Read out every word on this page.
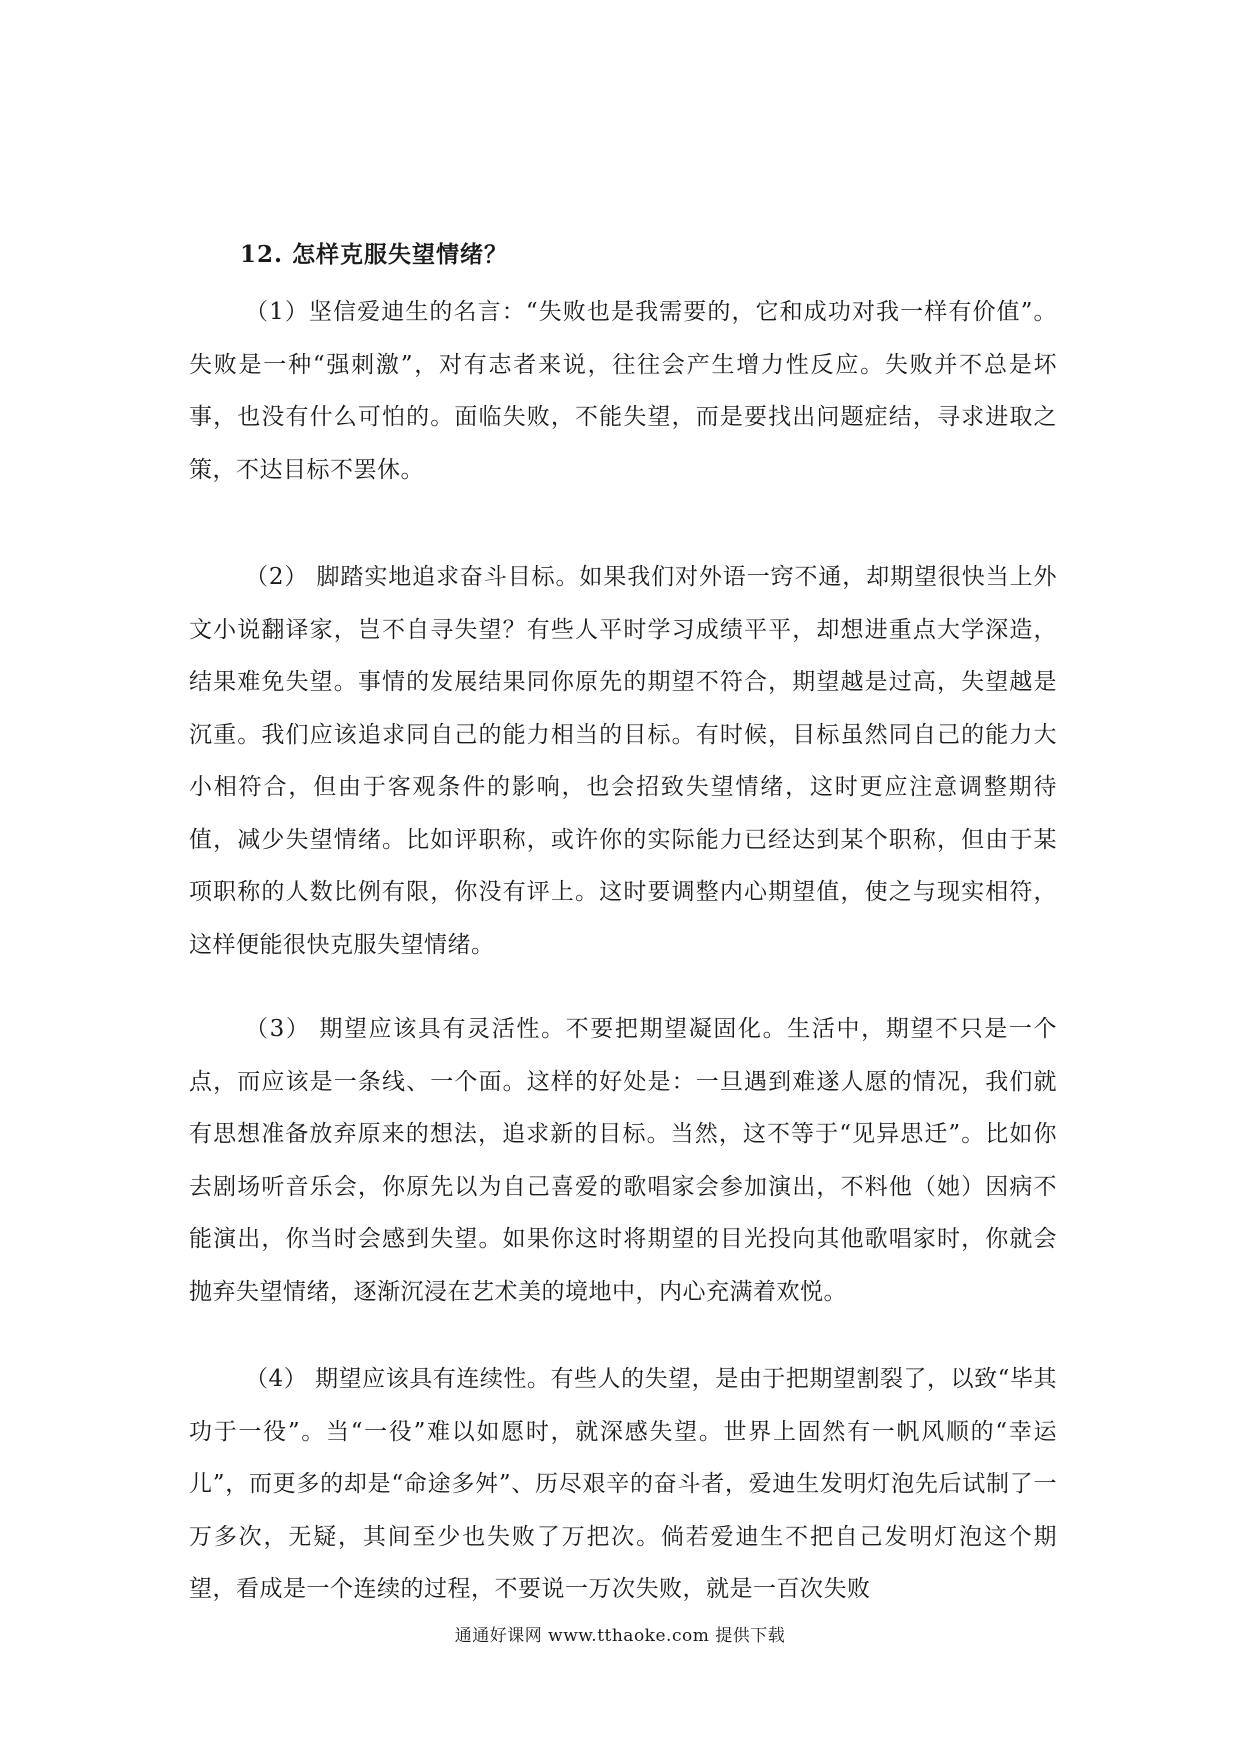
12. 怎样克服失望情绪？

（1）坚信爱迪生的名言：“失败也是我需要的，它和成功对我一样有价值”。失败是一种“强刺激”，对有志者来说，往往会产生增力性反应。失败并不总是坏事，也没有什么可怕的。面临失败，不能失望，而是要找出问题症结，寻求进取之策，不达目标不罢休。

（2） 脚踏实地追求奋斗目标。如果我们对外语一窍不通，却期望很快当上外文小说翻译家，岂不自寻失望？有些人平时学习成绩平平，却想进重点大学深造，结果难免失望。事情的发展结果同你原先的期望不符合，期望越是过高，失望越是沉重。我们应该追求同自己的能力相当的目标。有时候，目标虽然同自己的能力大小相符合，但由于客观条件的影响，也会招致失望情绪，这时更应注意调整期待值，减少失望情绪。比如评职称，或许你的实际能力已经达到某个职称，但由于某项职称的人数比例有限，你没有评上。这时要调整内心期望值，使之与现实相符，这样便能很快克服失望情绪。

（3） 期望应该具有灵活性。不要把期望凝固化。生活中，期望不只是一个点，而应该是一条线、一个面。这样的好处是：一旦遇到难遂人愿的情况，我们就有思想准备放弃原来的想法，追求新的目标。当然，这不等于“见异思迁”。比如你去剧场听音乐会，你原先以为自己喜爱的歌唱家会参加演出，不料他（她）因病不能演出，你当时会感到失望。如果你这时将期望的目光投向其他歌唱家时，你就会抛弃失望情绪，逐渐沉浸在艺术美的境地中，内心充满着欢悦。

（4） 期望应该具有连续性。有些人的失望，是由于把期望割裂了，以致“毕其功于一役”。当“一役”难以如愿时，就深感失望。世界上固然有一帆风顺的“幸运儿”，而更多的却是“命途多舛”、历尽艰辛的奋斗者，爱迪生发明灯泡先后试制了一万多次，无疑，其间至少也失败了万把次。倘若爱迪生不把自己发明灯泡这个期望，看成是一个连续的过程，不要说一万次失败，就是一百次失败

通通好课网 www.tthaoke.com 提供下载
